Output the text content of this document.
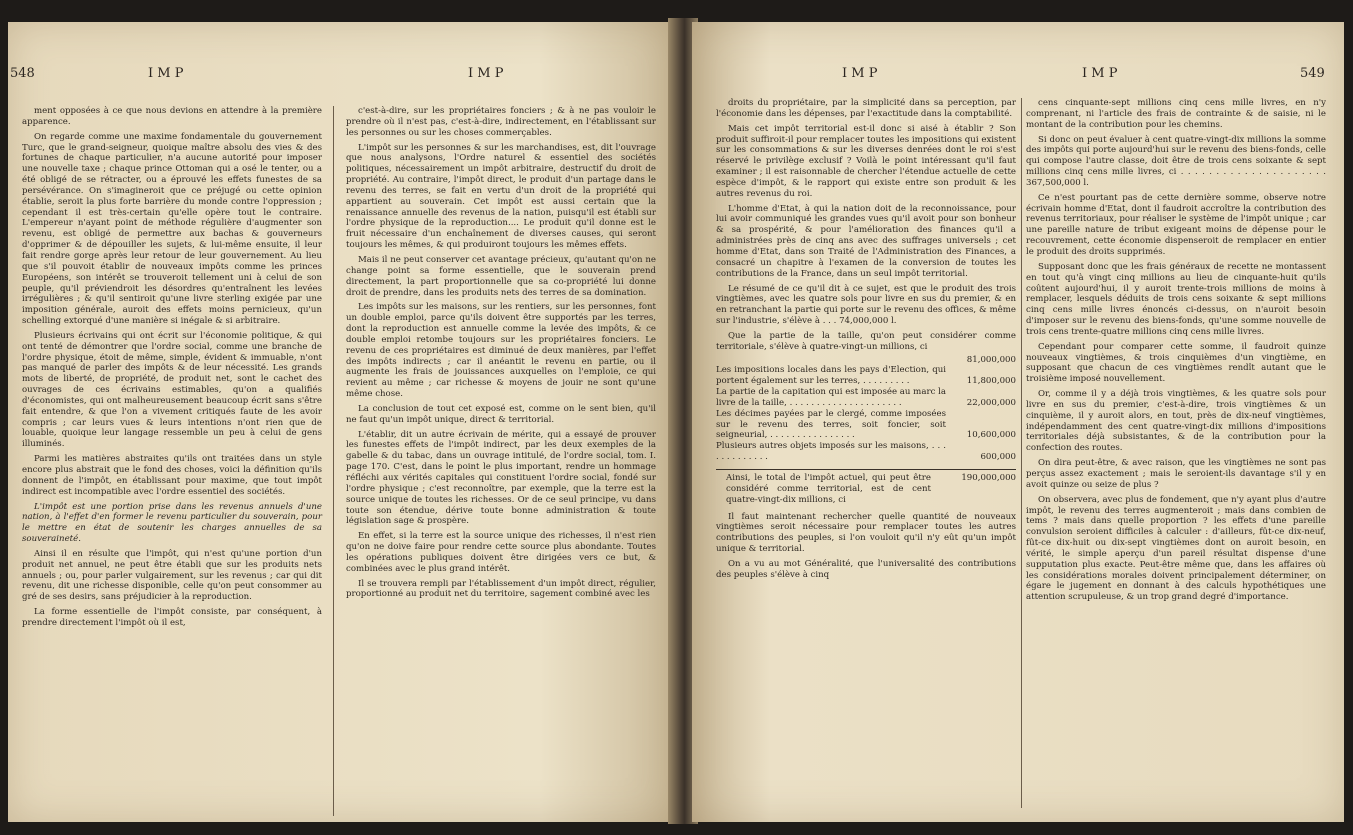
548	I M P	I M P

ment opposées à ce que nous devions en attendre à la première apparence.

On regarde comme une maxime fondamentale du gouvernement Turc, que le grand-seigneur, quoique maître absolu des vies & des fortunes de chaque particulier, n'a aucune autorité pour imposer une nouvelle taxe ; chaque prince Ottoman qui a osé le tenter, ou a été obligé de se rétracter, ou a éprouvé les effets funestes de sa persévérance. On s'imagineroit que ce préjugé ou cette opinion établie, seroit la plus forte barrière du monde contre l'oppression ; cependant il est très-certain qu'elle opère tout le contraire. L'empereur n'ayant point de méthode régulière d'augmenter son revenu, est obligé de permettre aux bachas & gouverneurs d'opprimer & de dépouiller les sujets, & lui-même ensuite, il leur fait rendre gorge après leur retour de leur gouvernement. Au lieu que s'il pouvoit établir de nouveaux impôts comme les princes Européens, son intérêt se trouveroit tellement uni à celui de son peuple, qu'il préviendroit les désordres qu'entraînent les levées irrégulières ; & qu'il sentiroit qu'une livre sterling exigée par une imposition générale, auroit des effets moins pernicieux, qu'un schelling extorqué d'une manière si inégale & si arbitraire.

Plusieurs écrivains qui ont écrit sur l'économie politique, & qui ont tenté de démontrer que l'ordre social, comme une branche de l'ordre physique, étoit de même, simple, évident & immuable, n'ont pas manqué de parler des impôts & de leur nécessité. Les grands mots de liberté, de propriété, de produit net, sont le cachet des ouvrages de ces écrivains estimables, qu'on a qualifiés d'économistes, qui ont malheureusement beaucoup écrit sans s'être fait entendre, & que l'on a vivement critiqués faute de les avoir compris ; car leurs vues & leurs intentions n'ont rien que de louable, quoique leur langage ressemble un peu à celui de gens illuminés.

Parmi les matières abstraites qu'ils ont traitées dans un style encore plus abstrait que le fond des choses, voici la définition qu'ils donnent de l'impôt, en établissant pour maxime, que tout impôt indirect est incompatible avec l'ordre essentiel des sociétés.

L'impôt est une portion prise dans les revenus annuels d'une nation, à l'effet d'en former le revenu particulier du souverain, pour le mettre en état de soutenir les charges annuelles de sa souveraineté.

Ainsi il en résulte que l'impôt, qui n'est qu'une portion d'un produit net annuel, ne peut être établi que sur les produits nets annuels ; ou, pour parler vulgairement, sur les revenus ; car qui dit revenu, dit une richesse disponible, celle qu'on peut consommer au gré de ses desirs, sans préjudicier à la reproduction.

La forme essentielle de l'impôt consiste, par conséquent, à prendre directement l'impôt où il est,

c'est-à-dire, sur les propriétaires fonciers ; & à ne pas vouloir le prendre où il n'est pas, c'est-à-dire, indirectement, en l'établissant sur les personnes ou sur les choses commerçables.

L'impôt sur les personnes & sur les marchandises, est, dit l'ouvrage que nous analysons, l'Ordre naturel & essentiel des sociétés politiques, nécessairement un impôt arbitraire, destructif du droit de propriété. Au contraire, l'impôt direct, le produit d'un partage dans le revenu des terres, se fait en vertu d'un droit de la propriété qui appartient au souverain. Cet impôt est aussi certain que la renaissance annuelle des revenus de la nation, puisqu'il est établi sur l'ordre physique de la reproduction.... Le produit qu'il donne est le fruit nécessaire d'un enchaînement de diverses causes, qui seront toujours les mêmes, & qui produiront toujours les mêmes effets.

Mais il ne peut conserver cet avantage précieux, qu'autant qu'on ne change point sa forme essentielle, que le souverain prend directement, la part proportionnelle que sa co-propriété lui donne droit de prendre, dans les produits nets des terres de sa domination.

Les impôts sur les maisons, sur les rentiers, sur les personnes, font un double emploi, parce qu'ils doivent être supportés par les terres, dont la reproduction est annuelle comme la levée des impôts, & ce double emploi retombe toujours sur les propriétaires fonciers. Le revenu de ces propriétaires est diminué de deux manières, par l'effet des impôts indirects ; car il anéantit le revenu en partie, ou il augmente les frais de jouissances auxquelles on l'emploie, ce qui revient au même ; car richesse & moyens de jouir ne sont qu'une même chose.

La conclusion de tout cet exposé est, comme on le sent bien, qu'il ne faut qu'un impôt unique, direct & territorial.

L'établir, dit un autre écrivain de mérite, qui a essayé de prouver les funestes effets de l'impôt indirect, par les deux exemples de la gabelle & du tabac, dans un ouvrage intitulé, de l'ordre social, tom. I. page 170. C'est, dans le point le plus important, rendre un hommage réfléchi aux vérités capitales qui constituent l'ordre social, fondé sur l'ordre physique ; c'est reconnoître, par exemple, que la terre est la source unique de toutes les richesses. Or de ce seul principe, vu dans toute son étendue, dérive toute bonne administration & toute législation sage & prospère.

En effet, si la terre est la source unique des richesses, il n'est rien qu'on ne doive faire pour rendre cette source plus abondante. Toutes les opérations publiques doivent être dirigées vers ce but, & combinées avec le plus grand intérêt.

Il se trouvera rempli par l'établissement d'un impôt direct, régulier, proportionné au produit net du territoire, sagement combiné avec les

I M P	I M P	549

droits du propriétaire, par la simplicité dans sa perception, par l'économie dans les dépenses, par l'exactitude dans la comptabilité.

Mais cet impôt territorial est-il donc si aisé à établir ? Son produit suffiroit-il pour remplacer toutes les impositions qui existent sur les consommations & sur les diverses denrées dont le roi s'est réservé le privilège exclusif ? Voilà le point intéressant qu'il faut examiner ; il est raisonnable de chercher l'étendue actuelle de cette espèce d'impôt, & le rapport qui existe entre son produit & les autres revenus du roi.

L'homme d'Etat, à qui la nation doit de la reconnoissance, pour lui avoir communiqué les grandes vues qu'il avoit pour son bonheur & sa prospérité, & pour l'amélioration des finances qu'il a administrées près de cinq ans avec des suffrages universels ; cet homme d'Etat, dans son Traité de l'Administration des Finances, a consacré un chapitre à l'examen de la conversion de toutes les contributions de la France, dans un seul impôt territorial.

Le résumé de ce qu'il dit à ce sujet, est que le produit des trois vingtièmes, avec les quatre sols pour livre en sus du premier, & en en retranchant la partie qui porte sur le revenu des offices, & même sur l'industrie, s'élève à . . . 74,000,000 l.

Que la partie de la taille, qu'on peut considérer comme territoriale, s'élève à quatre-vingt-un millions, ci

	81,000,000
Les impositions locales dans les pays d'Election, qui portent également sur les terres, . . . . . . . . .	11,800,000
La partie de la capitation qui est imposée au marc la livre de la taille, . . . . . . . . . . . . . . . . . . . . .	22,000,000
Les décimes payées par le clergé, comme imposées sur le revenu des terres, soit foncier, soit seigneurial, . . . . . . . . . . . . . . . .	10,600,000
Plusieurs autres objets imposés sur les maisons, . . . . . . . . . . . . .	600,000
Ainsi, le total de l'impôt actuel, qui peut être considéré comme territorial, est de cent quatre-vingt-dix millions, ci
190,000,000

Il faut maintenant rechercher quelle quantité de nouveaux vingtièmes seroit nécessaire pour remplacer toutes les autres contributions des peuples, si l'on vouloit qu'il n'y eût qu'un impôt unique & territorial.

On a vu au mot Généralité, que l'universalité des contributions des peuples s'élève à cinq

cens cinquante-sept millions cinq cens mille livres, en n'y comprenant, ni l'article des frais de contrainte & de saisie, ni le montant de la contribution pour les chemins.

Si donc on peut évaluer à cent quatre-vingt-dix millions la somme des impôts qui porte aujourd'hui sur le revenu des biens-fonds, celle qui compose l'autre classe, doit être de trois cens soixante & sept millions cinq cens mille livres, ci . . . . . . . . . . . . . . . . . . . . . 367,500,000 l.

Ce n'est pourtant pas de cette dernière somme, observe notre écrivain homme d'Etat, dont il faudroit accroître la contribution des revenus territoriaux, pour réaliser le système de l'impôt unique ; car une pareille nature de tribut exigeant moins de dépense pour le recouvrement, cette économie dispenseroit de remplacer en entier le produit des droits supprimés.

Supposant donc que les frais généraux de recette ne montassent en tout qu'à vingt cinq millions au lieu de cinquante-huit qu'ils coûtent aujourd'hui, il y auroit trente-trois millions de moins à remplacer, lesquels déduits de trois cens soixante & sept millions cinq cens mille livres énoncés ci-dessus, on n'auroit besoin d'imposer sur le revenu des biens-fonds, qu'une somme nouvelle de trois cens trente-quatre millions cinq cens mille livres.

Cependant pour comparer cette somme, il faudroit quinze nouveaux vingtièmes, & trois cinquièmes d'un vingtième, en supposant que chacun de ces vingtièmes rendît autant que le troisième imposé nouvellement.

Or, comme il y a déjà trois vingtièmes, & les quatre sols pour livre en sus du premier, c'est-à-dire, trois vingtièmes & un cinquième, il y auroit alors, en tout, près de dix-neuf vingtièmes, indépendamment des cent quatre-vingt-dix millions d'impositions territoriales déjà subsistantes, & de la contribution pour la confection des routes.

On dira peut-être, & avec raison, que les vingtièmes ne sont pas perçus assez exactement ; mais le seroient-ils davantage s'il y en avoit quinze ou seize de plus ?

On observera, avec plus de fondement, que n'y ayant plus d'autre impôt, le revenu des terres augmenteroit ; mais dans combien de tems ? mais dans quelle proportion ? les effets d'une pareille convulsion seroient difficiles à calculer : d'ailleurs, fût-ce dix-neuf, fût-ce dix-huit ou dix-sept vingtièmes dont on auroit besoin, en vérité, le simple aperçu d'un pareil résultat dispense d'une supputation plus exacte. Peut-être même que, dans les affaires où les considérations morales doivent principalement déterminer, on égare le jugement en donnant à des calculs hypothétiques une attention scrupuleuse, & un trop grand degré d'importance.
